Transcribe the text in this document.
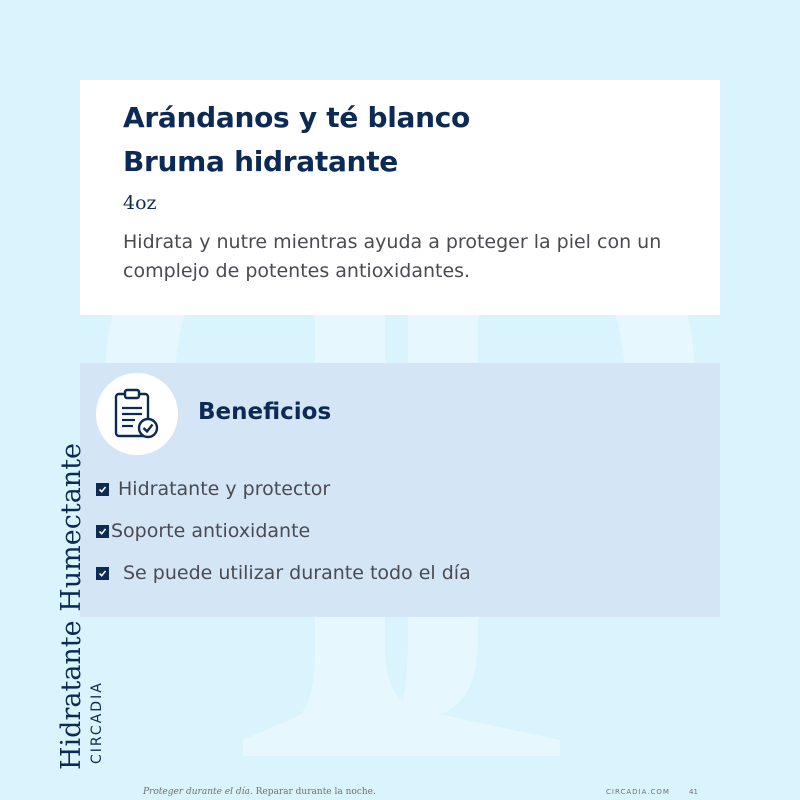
Arándanos y té blanco
Bruma hidratante

4oz

Hidrata y nutre mientras ayuda a proteger la piel con un complejo de potentes antioxidantes.

Beneficios
Hidratante y protector
Soporte antioxidante
Se puede utilizar durante todo el día
Hidratante Humectante CIRCADIA
Proteger durante el día. Reparar durante la noche.	CIRCADIA.COM	41
